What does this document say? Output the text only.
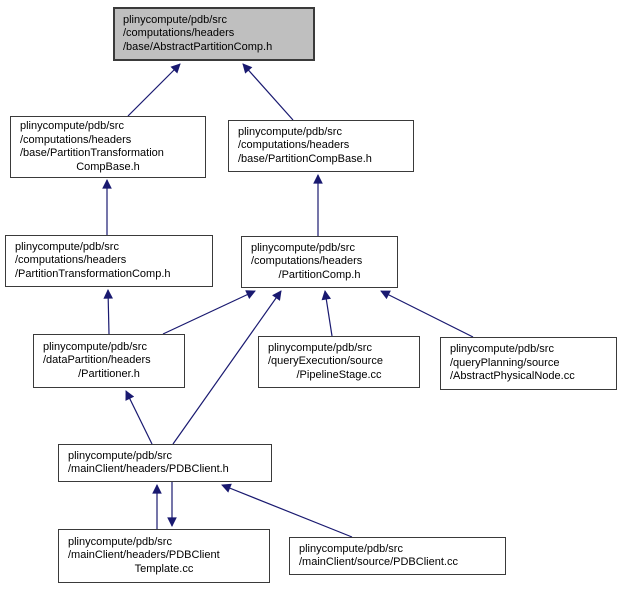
plinycompute/pdb/src
/computations/headers
/base/AbstractPartitionComp.h
plinycompute/pdb/src
/computations/headers
/base/PartitionTransformation
CompBase.h
plinycompute/pdb/src
/computations/headers
/base/PartitionCompBase.h
plinycompute/pdb/src
/computations/headers
/PartitionTransformationComp.h
plinycompute/pdb/src
/computations/headers
/PartitionComp.h
plinycompute/pdb/src
/dataPartition/headers
/Partitioner.h
plinycompute/pdb/src
/queryExecution/source
/PipelineStage.cc
plinycompute/pdb/src
/queryPlanning/source
/AbstractPhysicalNode.cc
plinycompute/pdb/src
/mainClient/headers/PDBClient.h
plinycompute/pdb/src
/mainClient/headers/PDBClient
Template.cc
plinycompute/pdb/src
/mainClient/source/PDBClient.cc
